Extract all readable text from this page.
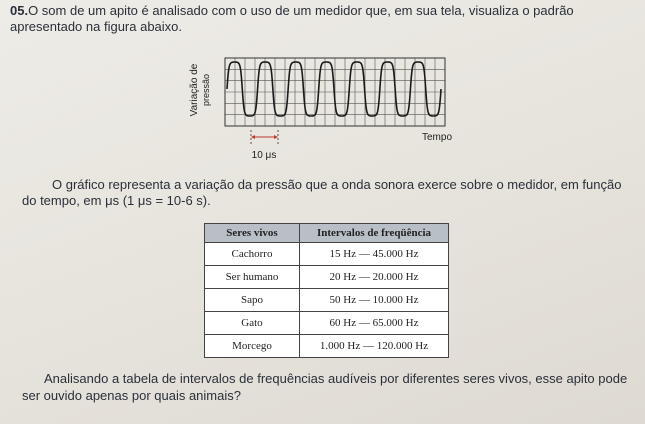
05.O som de um apito é analisado com o uso de um medidor que, em sua tela, visualiza o padrão
apresentado na figura abaixo.
Variação de pressão
10 μs
Tempo
O gráfico representa a variação da pressão que a onda sonora exerce sobre o medidor, em função
do tempo, em μs (1 μs = 10-6 s).
Seres vivos	Intervalos de freqüência
Cachorro	15 Hz — 45.000 Hz
Ser humano	20 Hz — 20.000 Hz
Sapo	50 Hz — 10.000 Hz
Gato	60 Hz — 65.000 Hz
Morcego	1.000 Hz — 120.000 Hz
Analisando a tabela de intervalos de frequências audíveis por diferentes seres vivos, esse apito pode
ser ouvido apenas por quais animais?
